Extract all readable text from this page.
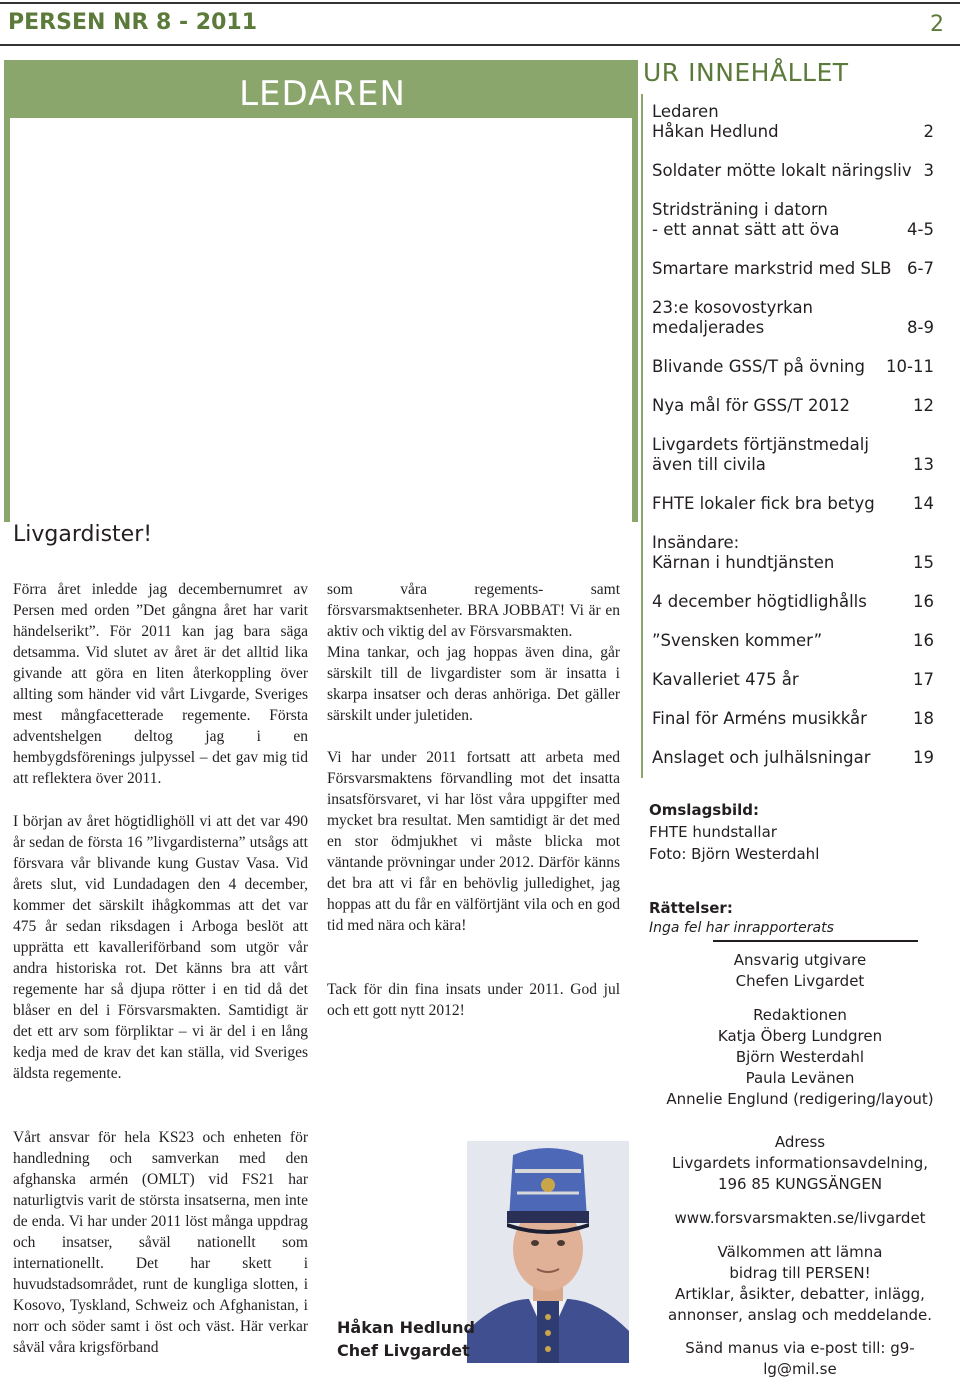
PERSEN NR 8 - 2011	2
LEDAREN
UR INNEHÅLLET
Ledaren
Håkan Hedlund	2
Soldater mötte lokalt näringsliv 3
Stridsträning i datorn
- ett annat sätt att öva	4-5
Smartare markstrid med SLB 6-7
23:e kosovostyrkan
medaljerades	8-9
Blivande GSS/T på övning	10-11
Nya mål för GSS/T 2012	12
Livgardets förtjänstmedalj
även till civila	13
FHTE lokaler fick bra betyg	14
Insändare:
Kärnan i hundtjänsten	15
4 december högtidlighålls	16
”Svensken kommer”	16
Kavalleriet 475 år	17
Final för Arméns musikkår	18
Anslaget och julhälsningar	19
Livgardister!
Förra året inledde jag decembernumret av Persen med orden ”Det gångna året har varit händelserikt”. För 2011 kan jag bara säga detsamma. Vid slutet av året är det alltid lika givande att göra en liten återkoppling över allting som händer vid vårt Livgarde, Sveriges mest mångfacetterade regemente. Första adventshelgen deltog jag i en hembygdsförenings julpyssel – det gav mig tid att reflektera över 2011.
I början av året högtidlighöll vi att det var 490 år sedan de första 16 ”livgardisterna” utsågs att försvara vår blivande kung Gustav Vasa. Vid årets slut, vid Lundadagen den 4 december, kommer det särskilt ihågkommas att det var 475 år sedan riksdagen i Arboga beslöt att upprätta ett kavalleriförband som utgör vår andra historiska rot. Det känns bra att vårt regemente har så djupa rötter i en tid då det blåser en del i Försvarsmakten. Samtidigt är det ett arv som förpliktar – vi är del i en lång kedja med de krav det kan ställa, vid Sveriges äldsta regemente.
Vårt ansvar för hela KS23 och enheten för handledning och samverkan med den afghanska armén (OMLT) vid FS21 har naturligtvis varit de största insatserna, men inte de enda. Vi har under 2011 löst många uppdrag och insatser, såväl nationellt som internationellt. Det har skett i huvudstadsområdet, runt de kungliga slotten, i Kosovo, Tyskland, Schweiz och Afghanistan, i norr och söder samt i öst och väst. Här verkar såväl våra krigsförband
som våra regements- samt försvarsmaktsenheter. BRA JOBBAT! Vi är en aktiv och viktig del av Försvarsmakten.
Mina tankar, och jag hoppas även dina, går särskilt till de livgardister som är insatta i skarpa insatser och deras anhöriga. Det gäller särskilt under juletiden.
Vi har under 2011 fortsatt att arbeta med Försvarsmaktens förvandling mot det insatta insatsförsvaret, vi har löst våra uppgifter med mycket bra resultat. Men samtidigt är det med en stor ödmjukhet vi måste blicka mot väntande prövningar under 2012. Därför känns det bra att vi får en behövlig julledighet, jag hoppas att du får en välförtjänt vila och en god tid med nära och kära!
Tack för din fina insats under 2011. God jul och ett gott nytt 2012!
Håkan Hedlund
Chef Livgardet
Omslagsbild:
FHTE hundstallar
Foto: Björn Westerdahl
Rättelser:
Inga fel har inrapporterats
Ansvarig utgivare
Chefen Livgardet
Redaktionen
Katja Öberg Lundgren
Björn Westerdahl
Paula Levänen
Annelie Englund (redigering/layout)
Adress
Livgardets informationsavdelning,
196 85 KUNGSÄNGEN
www.forsvarsmakten.se/livgardet
Välkommen att lämna
bidrag till PERSEN!
Artiklar, åsikter, debatter, inlägg,
annonser, anslag och meddelande.
Sänd manus via e-post till: g9-lg@mil.se
